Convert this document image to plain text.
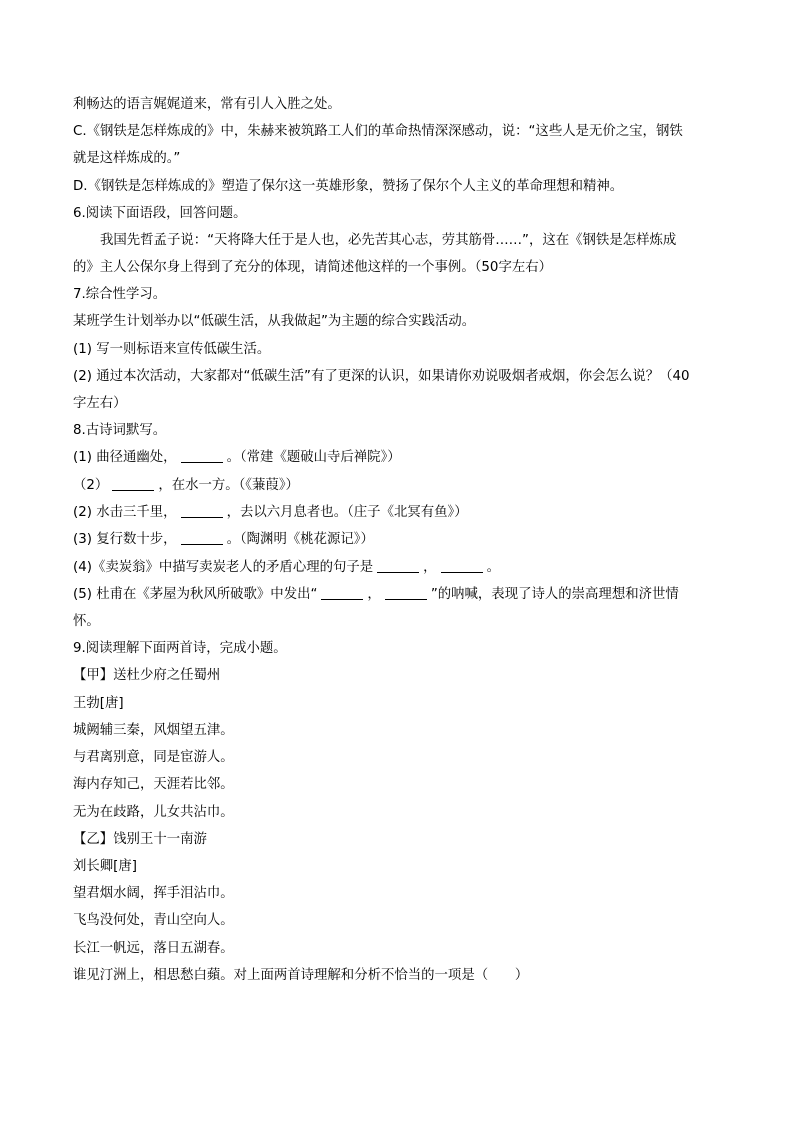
利畅达的语言娓娓道来，常有引人入胜之处。
C.《钢铁是怎样炼成的》中，朱赫来被筑路工人们的革命热情深深感动，说：“这些人是无价之宝，钢铁
就是这样炼成的。”
D.《钢铁是怎样炼成的》塑造了保尔这一英雄形象，赞扬了保尔个人主义的革命理想和精神。
6.阅读下面语段，回答问题。
我国先哲孟子说：“天将降大任于是人也，必先苦其心志，劳其筋骨……”，这在《钢铁是怎样炼成
的》主人公保尔身上得到了充分的体现，请简述他这样的一个事例。（50字左右）
7.综合性学习。
某班学生计划举办以“低碳生活，从我做起”为主题的综合实践活动。
(1) 写一则标语来宣传低碳生活。
(2) 通过本次活动，大家都对“低碳生活”有了更深的认识，如果请你劝说吸烟者戒烟，你会怎么说？（40
字左右）
8.古诗词默写。
(1) 曲径通幽处，	。（常建《题破山寺后禅院》）
（2）	，在水一方。（《蒹葭》）
(2) 水击三千里，	，去以六月息者也。（庄子《北冥有鱼》）
(3) 复行数十步，	。（陶渊明《桃花源记》）
(4)《卖炭翁》中描写卖炭老人的矛盾心理的句子是	，	。
(5) 杜甫在《茅屋为秋风所破歌》中发出“	，	”的呐喊，表现了诗人的崇高理想和济世情
怀。
9.阅读理解下面两首诗，完成小题。
【甲】送杜少府之任蜀州
王勃[唐]
城阙辅三秦，风烟望五津。
与君离别意，同是宦游人。
海内存知己，天涯若比邻。
无为在歧路，儿女共沾巾。
【乙】饯别王十一南游
刘长卿[唐]
望君烟水阔，挥手泪沾巾。
飞鸟没何处，青山空向人。
长江一帆远，落日五湖春。
谁见汀洲上，相思愁白蘋。对上面两首诗理解和分析不恰当的一项是（　　）
